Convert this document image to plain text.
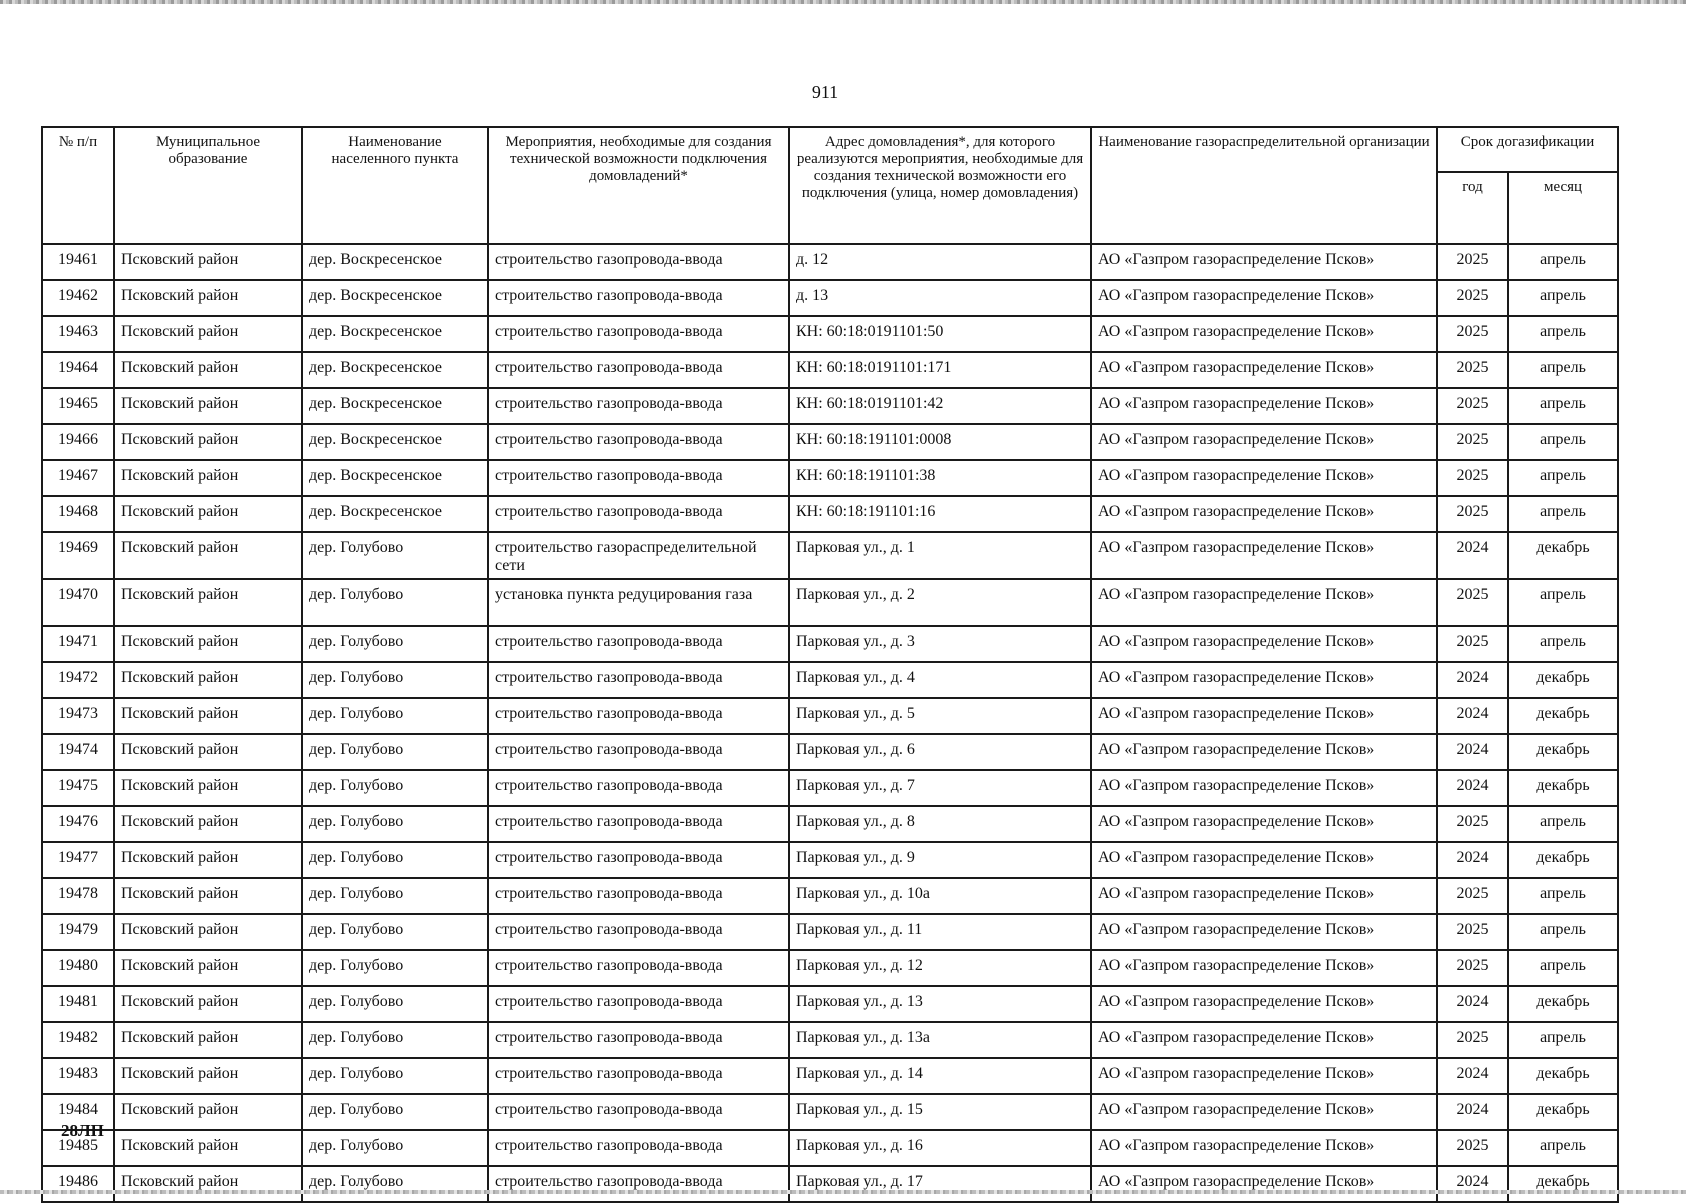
911
№ п/п	Муниципальное образование	Наименование населенного пункта	Мероприятия, необходимые для создания технической возможности подключения домовладений*	Адрес домовладения*, для которого реализуются мероприятия, необходимые для создания технической возможности его подключения (улица, номер домовладения)	Наименование газораспределительной организации	Срок догазификации	
						год	месяц
19461	Псковский район	дер. Воскресенское	строительство газопровода-ввода	д. 12	АО «Газпром газораспределение Псков»	2025	апрель
19462	Псковский район	дер. Воскресенское	строительство газопровода-ввода	д. 13	АО «Газпром газораспределение Псков»	2025	апрель
19463	Псковский район	дер. Воскресенское	строительство газопровода-ввода	КН: 60:18:0191101:50	АО «Газпром газораспределение Псков»	2025	апрель
19464	Псковский район	дер. Воскресенское	строительство газопровода-ввода	КН: 60:18:0191101:171	АО «Газпром газораспределение Псков»	2025	апрель
19465	Псковский район	дер. Воскресенское	строительство газопровода-ввода	КН: 60:18:0191101:42	АО «Газпром газораспределение Псков»	2025	апрель
19466	Псковский район	дер. Воскресенское	строительство газопровода-ввода	КН: 60:18:191101:0008	АО «Газпром газораспределение Псков»	2025	апрель
19467	Псковский район	дер. Воскресенское	строительство газопровода-ввода	КН: 60:18:191101:38	АО «Газпром газораспределение Псков»	2025	апрель
19468	Псковский район	дер. Воскресенское	строительство газопровода-ввода	КН: 60:18:191101:16	АО «Газпром газораспределение Псков»	2025	апрель
19469	Псковский район	дер. Голубово	строительство газораспределительной сети	Парковая ул., д. 1	АО «Газпром газораспределение Псков»	2024	декабрь
19470	Псковский район	дер. Голубово	установка пункта редуцирования газа	Парковая ул., д. 2	АО «Газпром газораспределение Псков»	2025	апрель
19471	Псковский район	дер. Голубово	строительство газопровода-ввода	Парковая ул., д. 3	АО «Газпром газораспределение Псков»	2025	апрель
19472	Псковский район	дер. Голубово	строительство газопровода-ввода	Парковая ул., д. 4	АО «Газпром газораспределение Псков»	2024	декабрь
19473	Псковский район	дер. Голубово	строительство газопровода-ввода	Парковая ул., д. 5	АО «Газпром газораспределение Псков»	2024	декабрь
19474	Псковский район	дер. Голубово	строительство газопровода-ввода	Парковая ул., д. 6	АО «Газпром газораспределение Псков»	2024	декабрь
19475	Псковский район	дер. Голубово	строительство газопровода-ввода	Парковая ул., д. 7	АО «Газпром газораспределение Псков»	2024	декабрь
19476	Псковский район	дер. Голубово	строительство газопровода-ввода	Парковая ул., д. 8	АО «Газпром газораспределение Псков»	2025	апрель
19477	Псковский район	дер. Голубово	строительство газопровода-ввода	Парковая ул., д. 9	АО «Газпром газораспределение Псков»	2024	декабрь
19478	Псковский район	дер. Голубово	строительство газопровода-ввода	Парковая ул., д. 10а	АО «Газпром газораспределение Псков»	2025	апрель
19479	Псковский район	дер. Голубово	строительство газопровода-ввода	Парковая ул., д. 11	АО «Газпром газораспределение Псков»	2025	апрель
19480	Псковский район	дер. Голубово	строительство газопровода-ввода	Парковая ул., д. 12	АО «Газпром газораспределение Псков»	2025	апрель
19481	Псковский район	дер. Голубово	строительство газопровода-ввода	Парковая ул., д. 13	АО «Газпром газораспределение Псков»	2024	декабрь
19482	Псковский район	дер. Голубово	строительство газопровода-ввода	Парковая ул., д. 13а	АО «Газпром газораспределение Псков»	2025	апрель
19483	Псковский район	дер. Голубово	строительство газопровода-ввода	Парковая ул., д. 14	АО «Газпром газораспределение Псков»	2024	декабрь
19484	Псковский район	дер. Голубово	строительство газопровода-ввода	Парковая ул., д. 15	АО «Газпром газораспределение Псков»	2024	декабрь
19485	Псковский район	дер. Голубово	строительство газопровода-ввода	Парковая ул., д. 16	АО «Газпром газораспределение Псков»	2025	апрель
19486	Псковский район	дер. Голубово	строительство газопровода-ввода	Парковая ул., д. 17	АО «Газпром газораспределение Псков»	2024	декабрь
28ЛП
